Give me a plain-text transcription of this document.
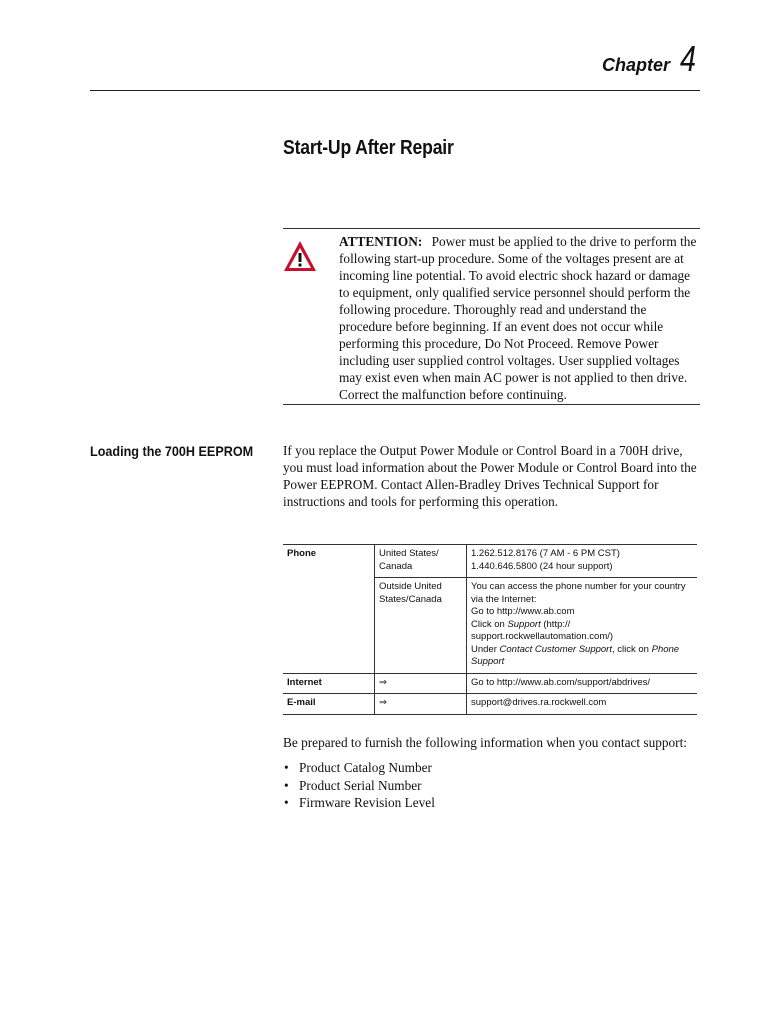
Chapter 4
Start-Up After Repair

ATTENTION: Power must be applied to the drive to perform the following start-up procedure. Some of the voltages present are at incoming line potential. To avoid electric shock hazard or damage to equipment, only qualified service personnel should perform the following procedure. Thoroughly read and understand the procedure before beginning. If an event does not occur while performing this procedure, Do Not Proceed. Remove Power including user supplied control voltages. User supplied voltages may exist even when main AC power is not applied to then drive. Correct the malfunction before continuing.

Loading the 700H EEPROM If you replace the Output Power Module or Control Board in a 700H drive, you must load information about the Power Module or Control Board into the Power EEPROM. Contact Allen-Bradley Drives Technical Support for instructions and tools for performing this operation.

Phone	United States/ Canada	1.262.512.8176 (7 AM - 6 PM CST)
1.440.646.5800 (24 hour support)

	Outside United States/Canada	You can access the phone number for your country via the Internet:
Go to http://www.ab.com
Click on Support (http:// support.rockwellautomation.com/)
Under Contact Customer Support, click on Phone Support

Internet	⇒	Go to http://www.ab.com/support/abdrives/
E-mail	⇒	support@drives.ra.rockwell.com

Be prepared to furnish the following information when you contact support:

• Product Catalog Number
• Product Serial Number
• Firmware Revision Level
